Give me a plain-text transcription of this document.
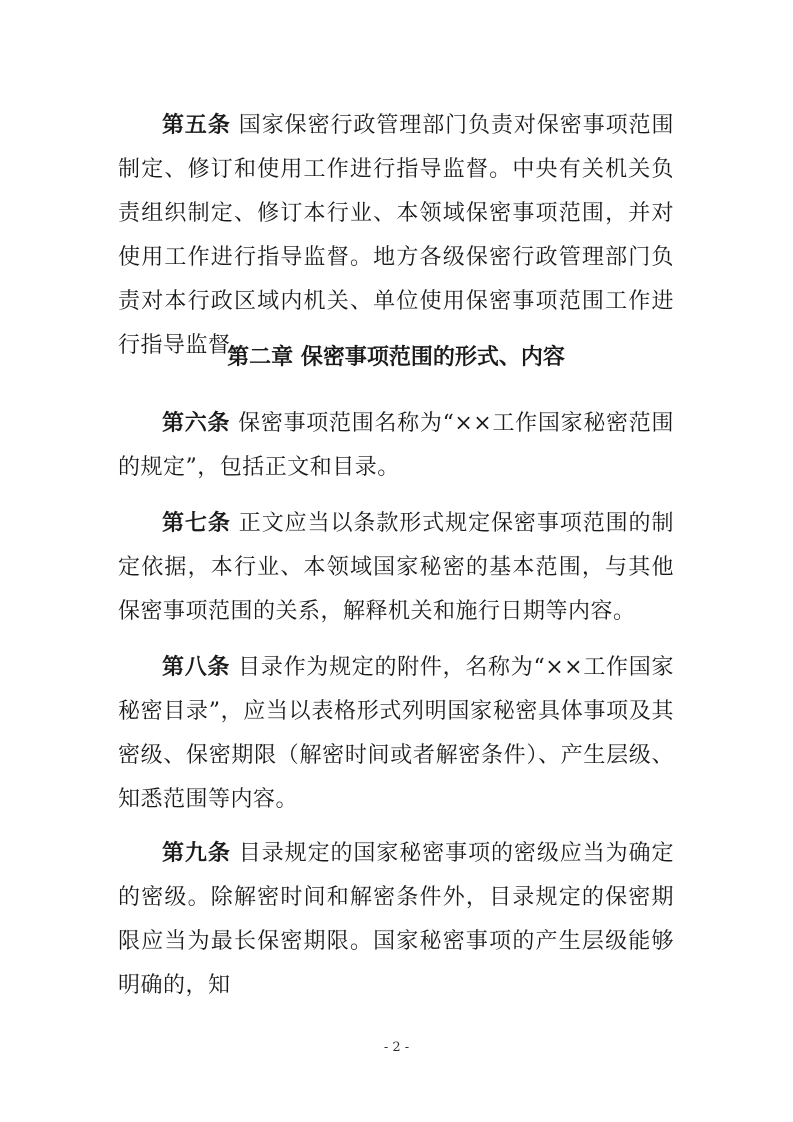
第五条 国家保密行政管理部门负责对保密事项范围制定、修订和使用工作进行指导监督。中央有关机关负责组织制定、修订本行业、本领域保密事项范围，并对使用工作进行指导监督。地方各级保密行政管理部门负责对本行政区域内机关、单位使用保密事项范围工作进行指导监督。

第二章 保密事项范围的形式、内容

第六条 保密事项范围名称为“××工作国家秘密范围的规定”，包括正文和目录。

第七条 正文应当以条款形式规定保密事项范围的制定依据，本行业、本领域国家秘密的基本范围，与其他保密事项范围的关系，解释机关和施行日期等内容。

第八条 目录作为规定的附件，名称为“××工作国家秘密目录”，应当以表格形式列明国家秘密具体事项及其密级、保密期限（解密时间或者解密条件）、产生层级、知悉范围等内容。

第九条 目录规定的国家秘密事项的密级应当为确定的密级。除解密时间和解密条件外，目录规定的保密期限应当为最长保密期限。国家秘密事项的产生层级能够明确的，知

- 2 -
